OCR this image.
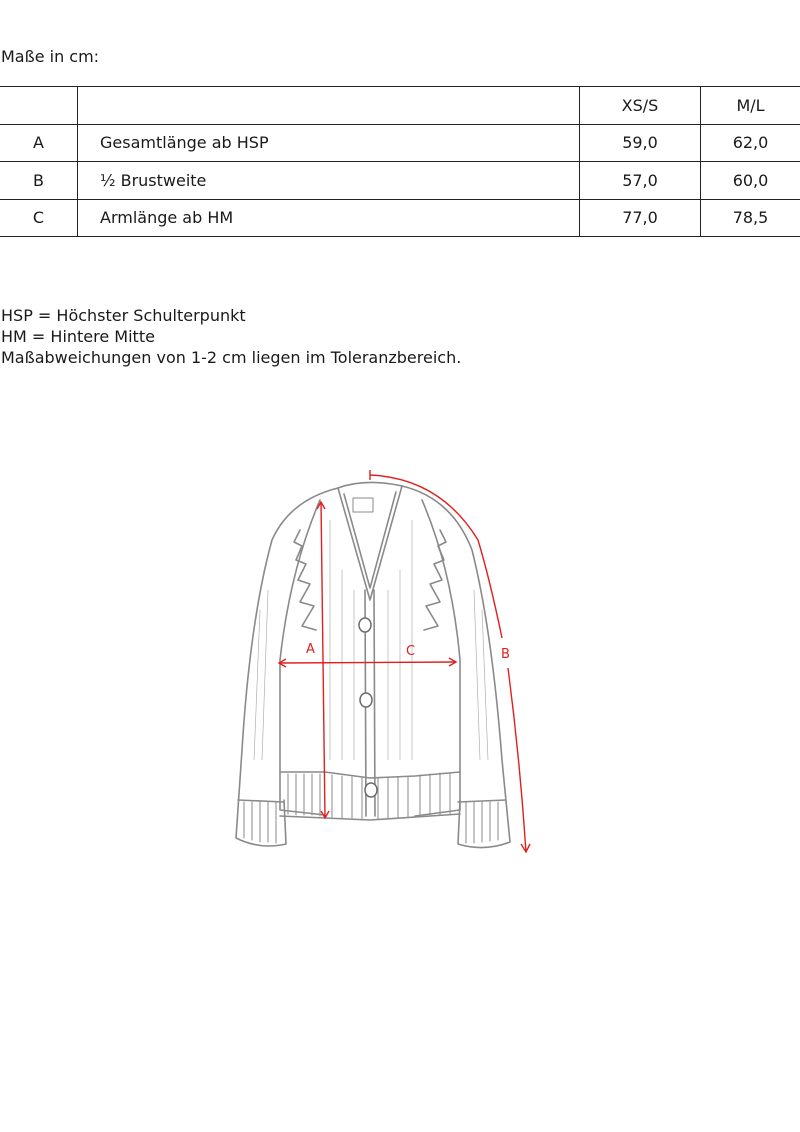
Maße in cm:
		XS/S	M/L
A	Gesamtlänge ab HSP	59,0	62,0
B	½ Brustweite	57,0	60,0
C	Armlänge ab HM	77,0	78,5
HSP = Höchster Schulterpunkt
HM = Hintere Mitte
Maßabweichungen von 1-2 cm liegen im Toleranzbereich.
A	C	B
